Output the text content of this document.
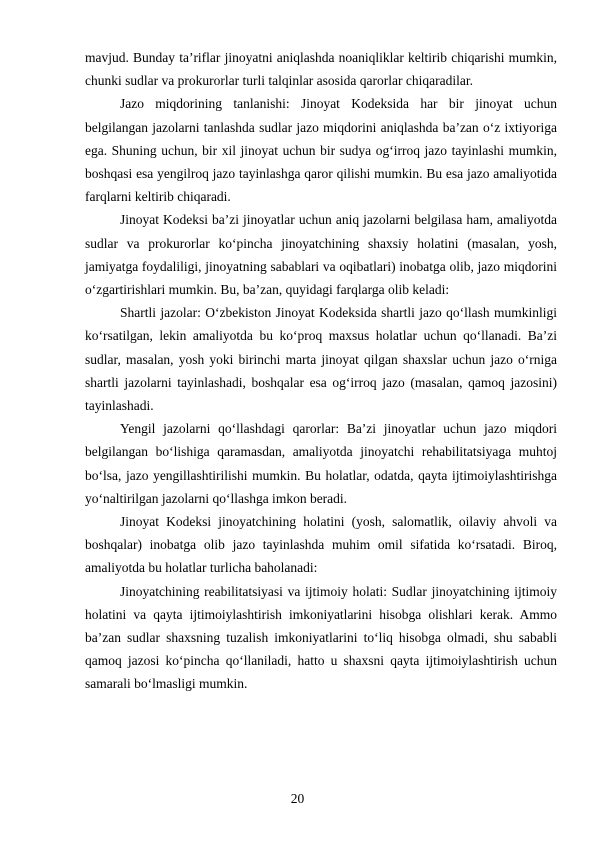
mavjud. Bunday ta’riflar jinoyatni aniqlashda noaniqliklar keltirib chiqarishi mumkin, chunki sudlar va prokurorlar turli talqinlar asosida qarorlar chiqaradilar.

Jazo miqdorining tanlanishi: Jinoyat Kodeksida har bir jinoyat uchun belgilangan jazolarni tanlashda sudlar jazo miqdorini aniqlashda ba’zan o‘z ixtiyoriga ega. Shuning uchun, bir xil jinoyat uchun bir sudya og‘irroq jazo tayinlashi mumkin, boshqasi esa yengilroq jazo tayinlashga qaror qilishi mumkin. Bu esa jazo amaliyotida farqlarni keltirib chiqaradi.

Jinoyat Kodeksi ba’zi jinoyatlar uchun aniq jazolarni belgilasa ham, amaliyotda sudlar va prokurorlar ko‘pincha jinoyatchining shaxsiy holatini (masalan, yosh, jamiyatga foydaliligi, jinoyatning sabablari va oqibatlari) inobatga olib, jazo miqdorini o‘zgartirishlari mumkin. Bu, ba’zan, quyidagi farqlarga olib keladi:

Shartli jazolar: O‘zbekiston Jinoyat Kodeksida shartli jazo qo‘llash mumkinligi ko‘rsatilgan, lekin amaliyotda bu ko‘proq maxsus holatlar uchun qo‘llanadi. Ba’zi sudlar, masalan, yosh yoki birinchi marta jinoyat qilgan shaxslar uchun jazo o‘rniga shartli jazolarni tayinlashadi, boshqalar esa og‘irroq jazo (masalan, qamoq jazosini) tayinlashadi.

Yengil jazolarni qo‘llashdagi qarorlar: Ba’zi jinoyatlar uchun jazo miqdori belgilangan bo‘lishiga qaramasdan, amaliyotda jinoyatchi rehabilitatsiyaga muhtoj bo‘lsa, jazo yengillashtirilishi mumkin. Bu holatlar, odatda, qayta ijtimoiylashtirishga yo‘naltirilgan jazolarni qo‘llashga imkon beradi.

Jinoyat Kodeksi jinoyatchining holatini (yosh, salomatlik, oilaviy ahvoli va boshqalar) inobatga olib jazo tayinlashda muhim omil sifatida ko‘rsatadi. Biroq, amaliyotda bu holatlar turlicha baholanadi:

Jinoyatchining reabilitatsiyasi va ijtimoiy holati: Sudlar jinoyatchining ijtimoiy holatini va qayta ijtimoiylashtirish imkoniyatlarini hisobga olishlari kerak. Ammo ba’zan sudlar shaxsning tuzalish imkoniyatlarini to‘liq hisobga olmadi, shu sababli qamoq jazosi ko‘pincha qo‘llaniladi, hatto u shaxsni qayta ijtimoiylashtirish uchun samarali bo‘lmasligi mumkin.

20
